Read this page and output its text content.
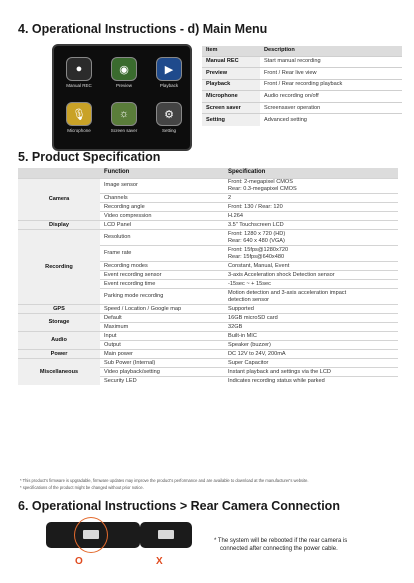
4. Operational Instructions - d) Main Menu
●
Manual REC
◉
Preview
▶
Playback
🎙
Microphone
☼
Screen saver
⚙
Setting
Item	Description
Manual REC	Start manual recording
Preview	Front / Rear live view
Playback	Front / Rear recording playback
Microphone	Audio recording on/off
Screen saver	Screensaver operation
Setting	Advanced setting
5. Product Specification
	Function	Specification
Camera	Image sensor	Front: 2-megapixel CMOS
Rear: 0.3-megapixel CMOS

	Channels	2
	Recording angle	Front: 130 / Rear: 120
	Video compression	H.264
Display	LCD Panel	3.5" Touchscreen LCD
Recording	Resolution	Front: 1280 x 720 (HD)
Rear: 640 x 480 (VGA)

	Frame rate	Front: 15fps@1280x720
Rear: 15fps@640x480

	Recording modes	Constant, Manual, Event
	Event recording sensor	3-axis Acceleration shock Detection sensor
	Event recording time	-15sec ~ + 15sec
	Parking mode recording	Motion detection and 3-axis acceleration impact
detection sensor

GPS	Speed / Location / Google map	Supported
Storage	Default	16GB microSD card
	Maximum	32GB
Audio	Input	Built-in MIC
	Output	Speaker (buzzer)
Power	Main power	DC 12V to 24V, 200mA
Miscellaneous	Sub Power (Internal)	Super Capacitor
	Video playback/setting	Instant playback and settings via the LCD
	Security LED	Indicates recording status while parked
* This product's firmware is upgradable, firmware updates may improve the product's performance and are available to download at the manufacturer's website.
* specifications of the product might be changed without prior notice.
6. Operational Instructions > Rear Camera Connection
O	X
* The system will be rebooted if the rear camera is
connected after connecting the power cable.
